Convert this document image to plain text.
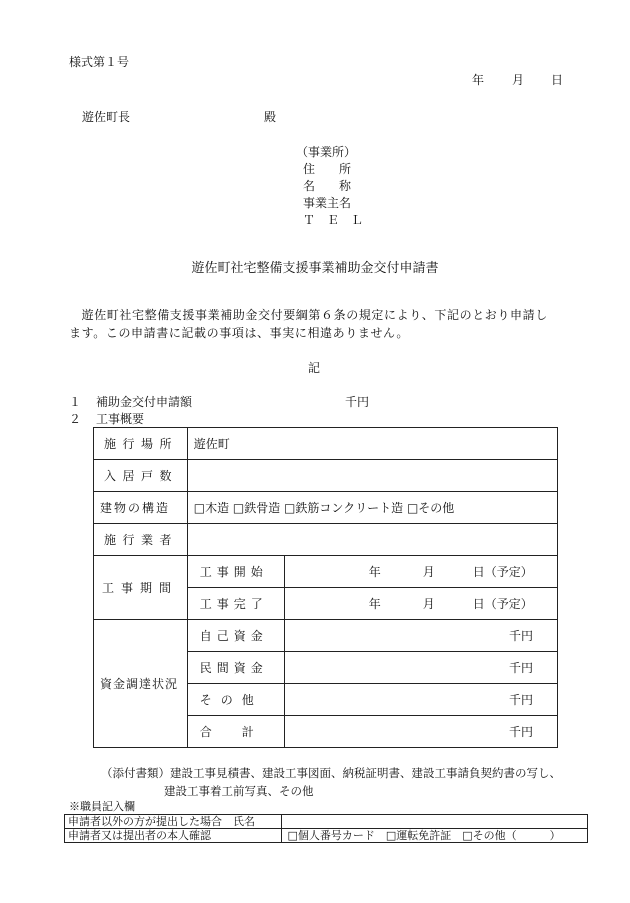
様式第１号
年 月 日
遊佐町長	殿
（事業所）
住　　所
名　　称
事業主名
Ｔ　Ｅ　Ｌ
遊佐町社宅整備支援事業補助金交付申請書
　遊佐町社宅整備支援事業補助金交付要綱第６条の規定により、下記のとおり申請します。この申請書に記載の事項は、事実に相違ありません。
記
１ 補助金交付申請額	千円
２ 工事概要
施行場所	遊佐町	
入居戸数		
建物の構造	□木造 □鉄骨造 □鉄筋コンクリート造 □その他	
施行業者		
工事期間	工事開始	年 月 日（予定）

	工事完了	年 月 日（予定）

資金調達状況	自己資金	千円
	民間資金	千円
	その他	千円
	合計	千円
（添付書類）建設工事見積書、建設工事図面、納税証明書、建設工事請負契約書の写し、
建設工事着工前写真、その他
※職員記入欄
申請者以外の方が提出した場合　氏名	
申請者又は提出者の本人確認	□個人番号カード　□運転免許証　□その他（　　　）
